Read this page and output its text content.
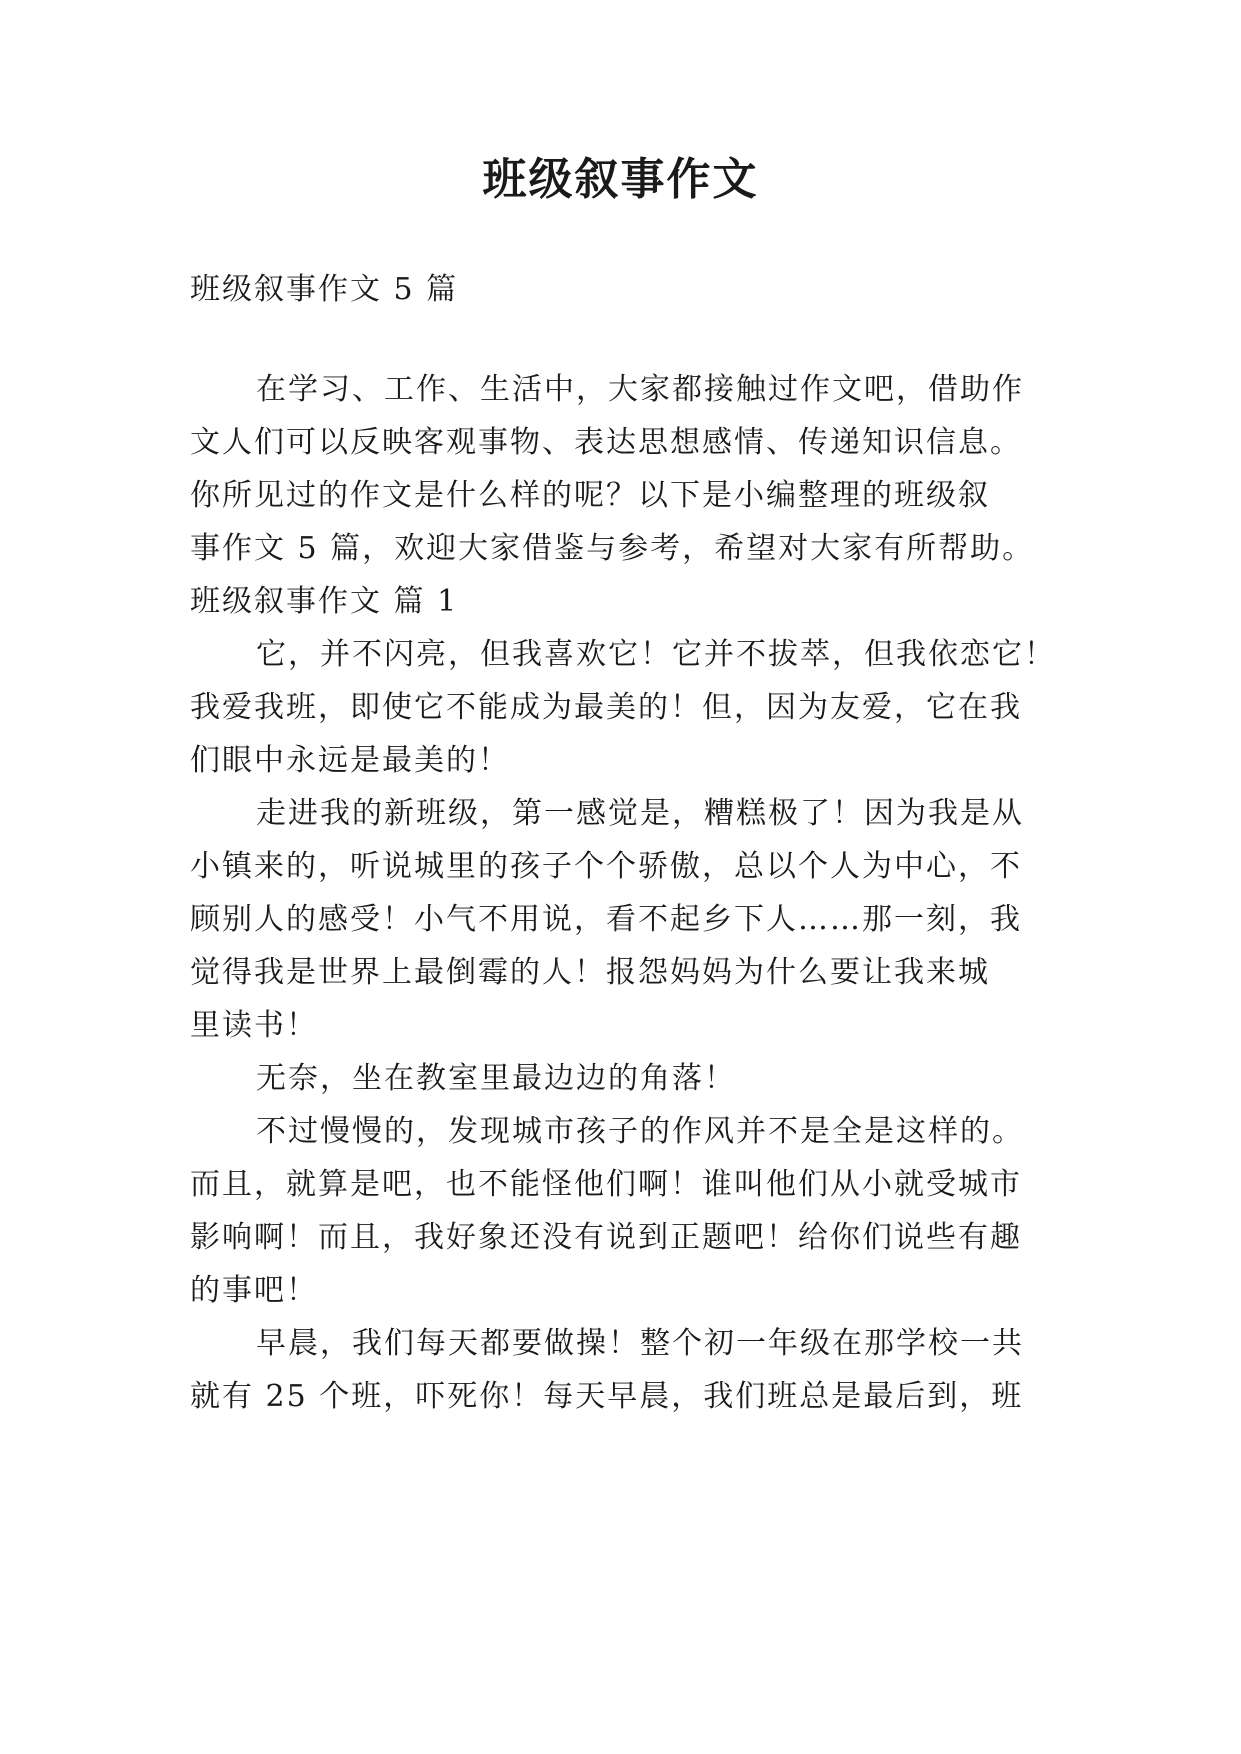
班级叙事作文
班级叙事作文 5 篇
在学习、工作、生活中，大家都接触过作文吧，借助作
文人们可以反映客观事物、表达思想感情、传递知识信息。
你所见过的作文是什么样的呢？以下是小编整理的班级叙
事作文 5 篇，欢迎大家借鉴与参考，希望对大家有所帮助。
班级叙事作文 篇 1
它，并不闪亮，但我喜欢它！它并不拔萃，但我依恋它！
我爱我班，即使它不能成为最美的！但，因为友爱，它在我
们眼中永远是最美的！
走进我的新班级，第一感觉是，糟糕极了！因为我是从
小镇来的，听说城里的孩子个个骄傲，总以个人为中心，不
顾别人的感受！小气不用说，看不起乡下人……那一刻，我
觉得我是世界上最倒霉的人！报怨妈妈为什么要让我来城
里读书！
无奈，坐在教室里最边边的角落！
不过慢慢的，发现城市孩子的作风并不是全是这样的。
而且，就算是吧，也不能怪他们啊！谁叫他们从小就受城市
影响啊！而且，我好象还没有说到正题吧！给你们说些有趣
的事吧！
早晨，我们每天都要做操！整个初一年级在那学校一共
就有 25 个班，吓死你！每天早晨，我们班总是最后到，班
